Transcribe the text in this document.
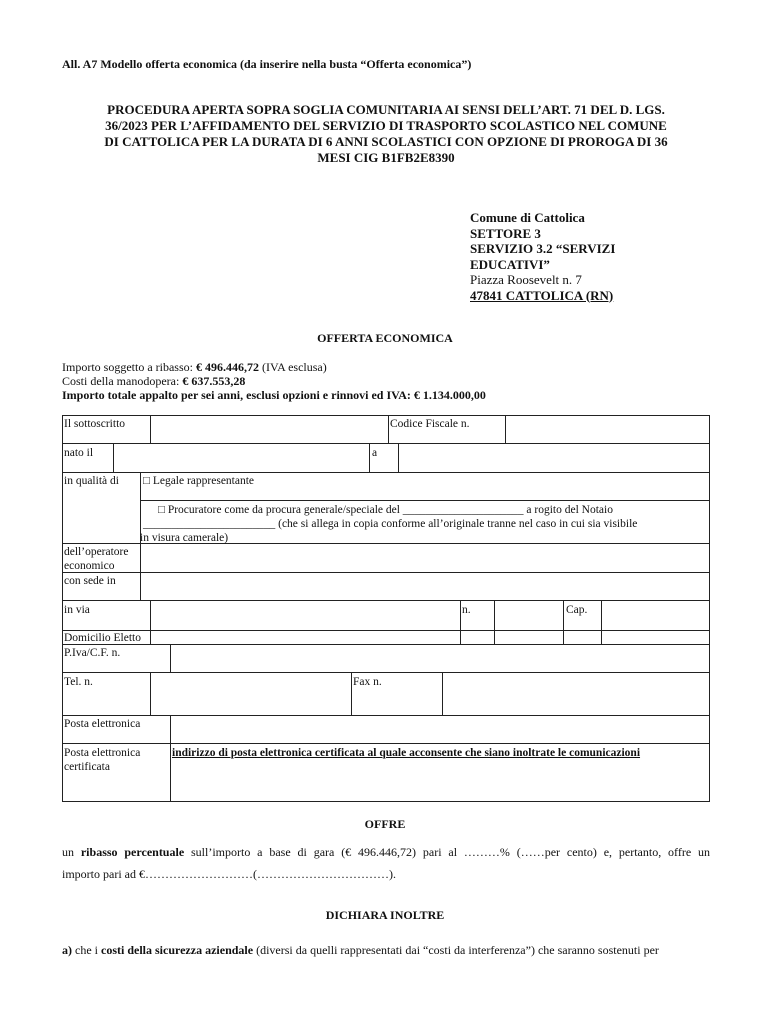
All. A7 Modello offerta economica (da inserire nella busta “Offerta economica”)
PROCEDURA APERTA SOPRA SOGLIA COMUNITARIA AI SENSI DELL’ART. 71 DEL D. LGS.
36/2023 PER L’AFFIDAMENTO DEL SERVIZIO DI TRASPORTO SCOLASTICO NEL COMUNE
DI CATTOLICA PER LA DURATA DI 6 ANNI SCOLASTICI CON OPZIONE DI PROROGA DI 36
MESI CIG B1FB2E8390
Comune di Cattolica
SETTORE 3
SERVIZIO 3.2 “SERVIZI
EDUCATIVI”
Piazza Roosevelt n. 7
47841 CATTOLICA (RN)
OFFERTA ECONOMICA
Importo soggetto a ribasso: € 496.446,72 (IVA esclusa)
Costi della manodopera: € 637.553,28
Importo totale appalto per sei anni, esclusi opzioni e rinnovi ed IVA: € 1.134.000,00
Il sottoscritto	Codice Fiscale n.
nato il	a
in qualità di □ Legale rappresentante
□ Procuratore come da procura generale/speciale del _____________________ a rogito del Notaio
_______________________ (che si allega in copia conforme all’originale tranne nel caso in cui sia visibile
in visura camerale)
dell’operatore
economico
con sede in
in via	n.	Cap.
Domicilio Eletto
P.Iva/C.F. n.
Tel. n.	Fax n.
Posta elettronica
Posta elettronica
certificata
indirizzo di posta elettronica certificata al quale acconsente che siano inoltrate le comunicazioni
OFFRE
un ribasso percentuale sull’importo a base di gara (€ 496.446,72) pari al ………% (……per cento) e, pertanto, offre un
importo pari ad €………………………(……………………………).
DICHIARA INOLTRE
a) che i costi della sicurezza aziendale (diversi da quelli rappresentati dai “costi da interferenza”) che saranno sostenuti per
